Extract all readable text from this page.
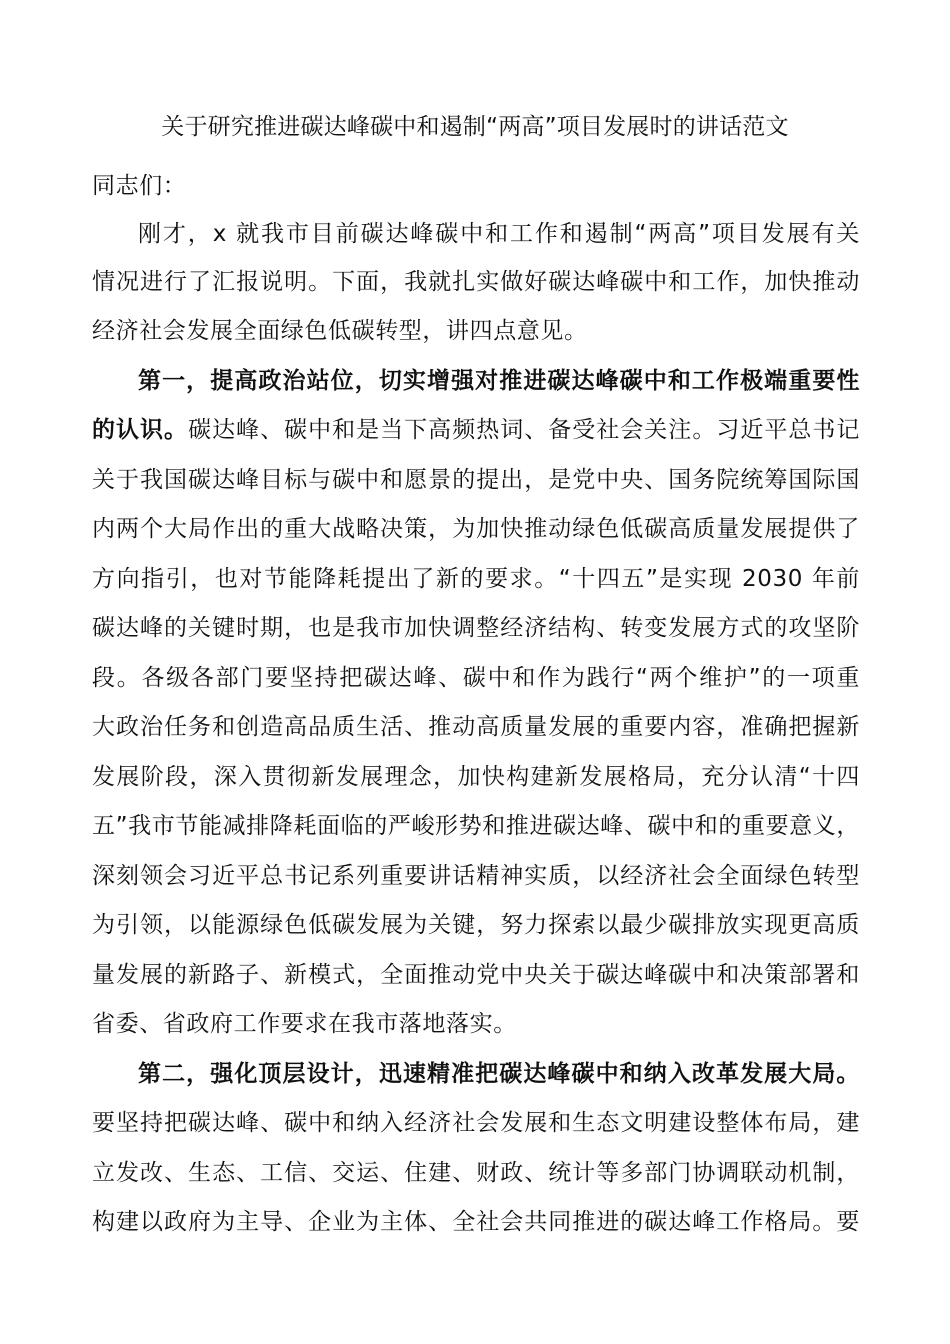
关于研究推进碳达峰碳中和遏制“两高”项目发展时的讲话范文
同志们：
刚才，x 就我市目前碳达峰碳中和工作和遏制“两高”项目发展有关
情况进行了汇报说明。下面，我就扎实做好碳达峰碳中和工作，加快推动
经济社会发展全面绿色低碳转型，讲四点意见。
第一，提高政治站位，切实增强对推进碳达峰碳中和工作极端重要性
的认识。碳达峰、碳中和是当下高频热词、备受社会关注。习近平总书记
关于我国碳达峰目标与碳中和愿景的提出，是党中央、国务院统筹国际国
内两个大局作出的重大战略决策，为加快推动绿色低碳高质量发展提供了
方向指引，也对节能降耗提出了新的要求。“十四五”是实现 2030 年前
碳达峰的关键时期，也是我市加快调整经济结构、转变发展方式的攻坚阶
段。各级各部门要坚持把碳达峰、碳中和作为践行“两个维护”的一项重
大政治任务和创造高品质生活、推动高质量发展的重要内容，准确把握新
发展阶段，深入贯彻新发展理念，加快构建新发展格局，充分认清“十四
五”我市节能减排降耗面临的严峻形势和推进碳达峰、碳中和的重要意义，
深刻领会习近平总书记系列重要讲话精神实质，以经济社会全面绿色转型
为引领，以能源绿色低碳发展为关键，努力探索以最少碳排放实现更高质
量发展的新路子、新模式，全面推动党中央关于碳达峰碳中和决策部署和
省委、省政府工作要求在我市落地落实。
第二，强化顶层设计，迅速精准把碳达峰碳中和纳入改革发展大局。
要坚持把碳达峰、碳中和纳入经济社会发展和生态文明建设整体布局，建
立发改、生态、工信、交运、住建、财政、统计等多部门协调联动机制，
构建以政府为主导、企业为主体、全社会共同推进的碳达峰工作格局。要
